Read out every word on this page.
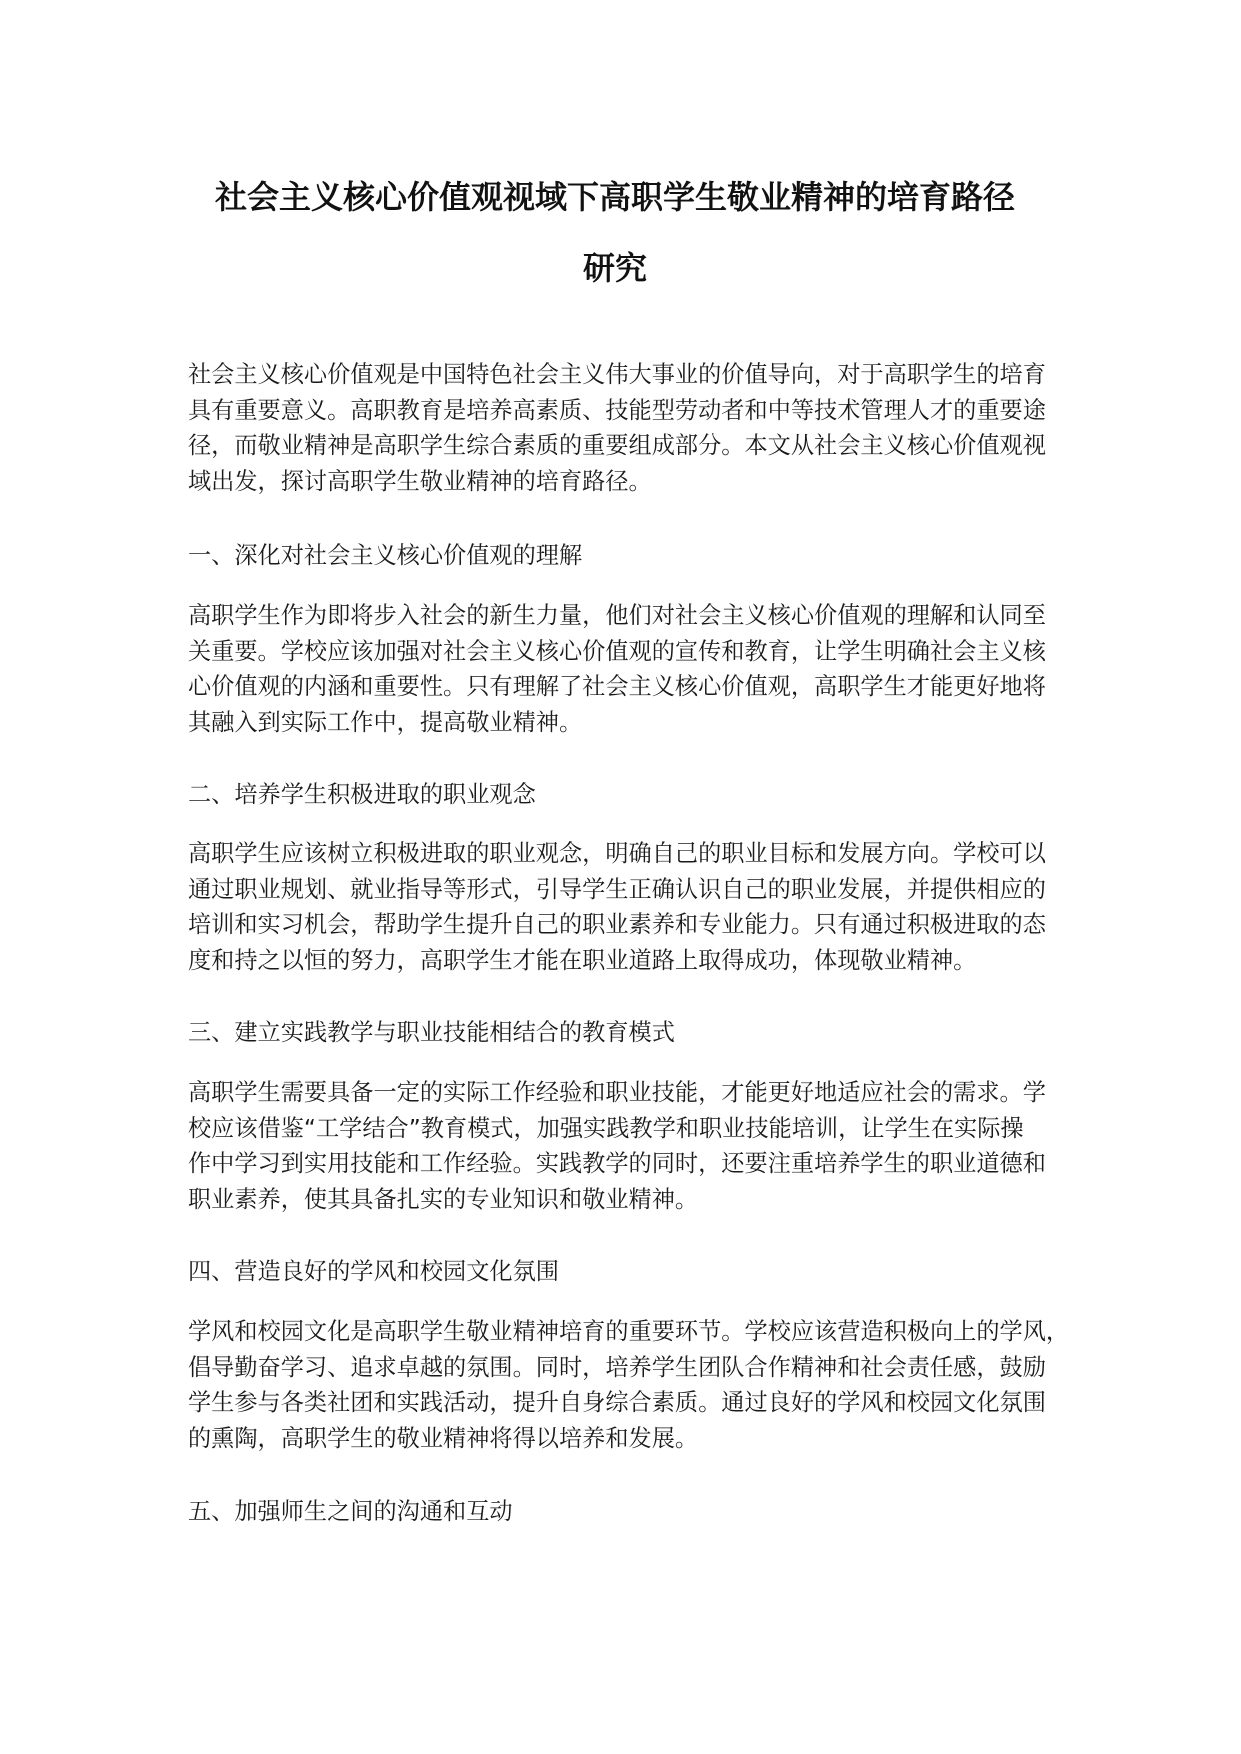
社会主义核心价值观视域下高职学生敬业精神的培育路径
研究

社会主义核心价值观是中国特色社会主义伟大事业的价值导向，对于高职学生的培育
具有重要意义。高职教育是培养高素质、技能型劳动者和中等技术管理人才的重要途
径，而敬业精神是高职学生综合素质的重要组成部分。本文从社会主义核心价值观视
域出发，探讨高职学生敬业精神的培育路径。

一、深化对社会主义核心价值观的理解

高职学生作为即将步入社会的新生力量，他们对社会主义核心价值观的理解和认同至
关重要。学校应该加强对社会主义核心价值观的宣传和教育，让学生明确社会主义核
心价值观的内涵和重要性。只有理解了社会主义核心价值观，高职学生才能更好地将
其融入到实际工作中，提高敬业精神。

二、培养学生积极进取的职业观念

高职学生应该树立积极进取的职业观念，明确自己的职业目标和发展方向。学校可以
通过职业规划、就业指导等形式，引导学生正确认识自己的职业发展，并提供相应的
培训和实习机会，帮助学生提升自己的职业素养和专业能力。只有通过积极进取的态
度和持之以恒的努力，高职学生才能在职业道路上取得成功，体现敬业精神。

三、建立实践教学与职业技能相结合的教育模式

高职学生需要具备一定的实际工作经验和职业技能，才能更好地适应社会的需求。学
校应该借鉴“工学结合”教育模式，加强实践教学和职业技能培训，让学生在实际操
作中学习到实用技能和工作经验。实践教学的同时，还要注重培养学生的职业道德和
职业素养，使其具备扎实的专业知识和敬业精神。

四、营造良好的学风和校园文化氛围

学风和校园文化是高职学生敬业精神培育的重要环节。学校应该营造积极向上的学风，
倡导勤奋学习、追求卓越的氛围。同时，培养学生团队合作精神和社会责任感，鼓励
学生参与各类社团和实践活动，提升自身综合素质。通过良好的学风和校园文化氛围
的熏陶，高职学生的敬业精神将得以培养和发展。

五、加强师生之间的沟通和互动
